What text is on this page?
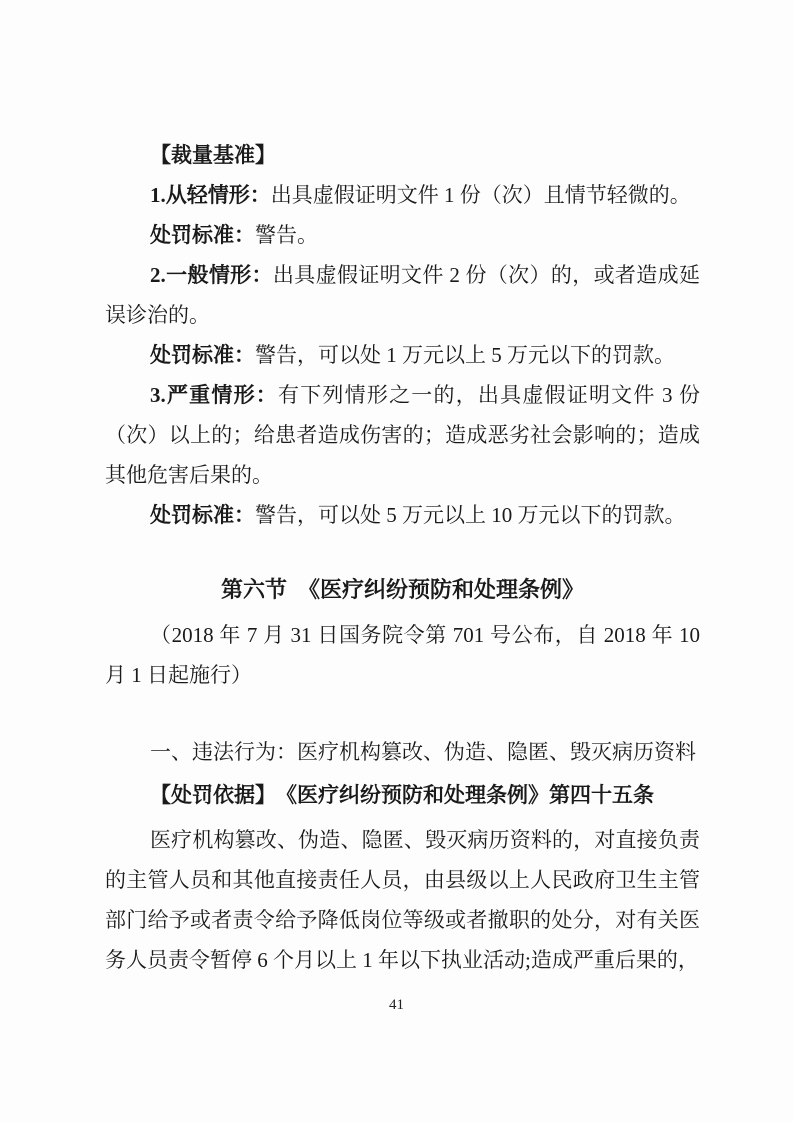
【裁量基准】

1.从轻情形：出具虚假证明文件 1 份（次）且情节轻微的。

处罚标准：警告。

2.一般情形：出具虚假证明文件 2 份（次）的，或者造成延误诊治的。

处罚标准：警告，可以处 1 万元以上 5 万元以下的罚款。

3.严重情形：有下列情形之一的，出具虚假证明文件 3 份（次）以上的；给患者造成伤害的；造成恶劣社会影响的；造成其他危害后果的。

处罚标准：警告，可以处 5 万元以上 10 万元以下的罚款。

第六节　《医疗纠纷预防和处理条例》

（2018 年 7 月 31 日国务院令第 701 号公布，自 2018 年 10 月 1 日起施行）

一、违法行为：医疗机构篡改、伪造、隐匿、毁灭病历资料

【处罚依据】　《医疗纠纷预防和处理条例》第四十五条

医疗机构篡改、伪造、隐匿、毁灭病历资料的，对直接负责的主管人员和其他直接责任人员，由县级以上人民政府卫生主管部门给予或者责令给予降低岗位等级或者撤职的处分，对有关医务人员责令暂停 6 个月以上 1 年以下执业活动;造成严重后果的，

41
